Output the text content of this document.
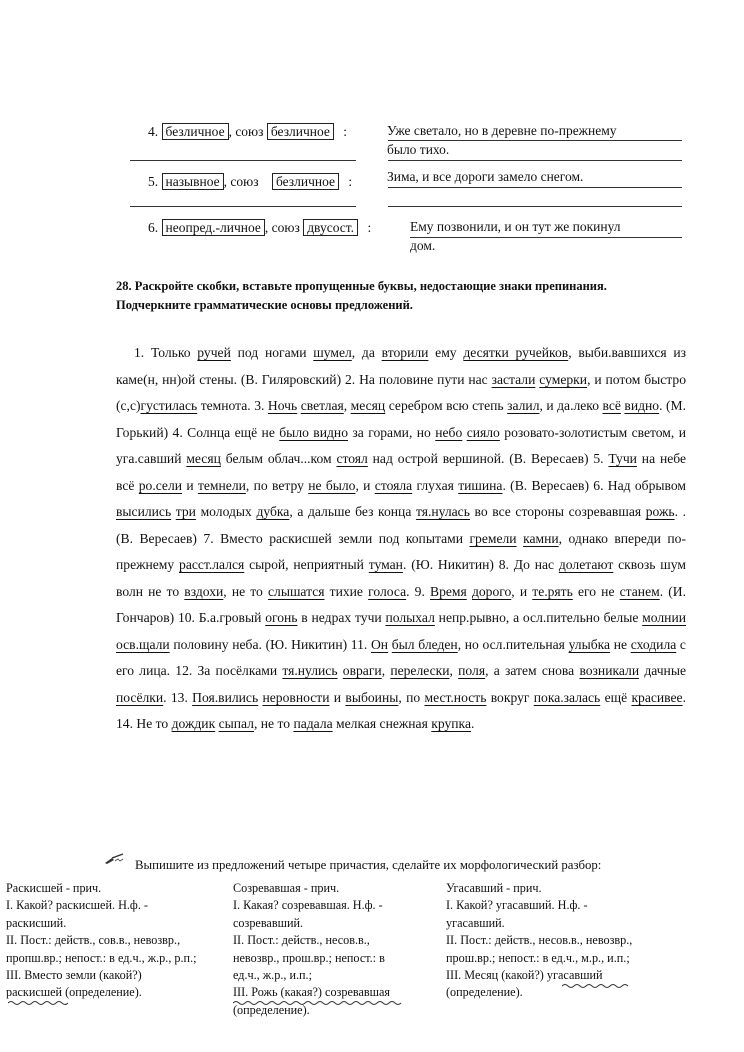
4. безличное , союз безличное :	Уже светало, но в деревне по-прежнему
было тихо.
5. назывное , союз безличное :	Зима, и все дороги замело снегом.
6. неопред.-личное , союз двусост. :	Ему позвонили, и он тут же покинул
дом.
28. Раскройте скобки, вставьте пропущенные буквы, недостающие знаки препинания.
Подчеркните грамматические основы предложений.
1. Только ручей под ногами шумел, да вторили ему десятки ручейков, выби.вавшихся из каме(н, нн)ой стены. (В. Гиляровский) 2. На половине пути нас застали сумерки, и потом быстро (с,с)густилась темнота. 3. Ночь светлая, месяц серебром всю степь залил, и да.леко всё видно. (М. Горький) 4. Солнца ещё не было видно за горами, но небо сияло розовато-золотистым светом, и уга.савший месяц белым облач...ком стоял над острой вершиной. (В. Вересаев) 5. Тучи на небе всё ро.сели и темнели, по ветру не было, и стояла глухая тишина. (В. Вересаев) 6. Над обрывом высились три молодых дубка, а дальше без конца тя.нулась во все стороны созревавшая рожь. . (В. Вересаев) 7. Вместо раскисшей земли под копытами гремели камни, однако впереди по-прежнему расст.лался сырой, неприятный туман. (Ю. Никитин) 8. До нас долетают сквозь шум волн не то вздохи, не то слышатся тихие голоса. 9. Время дорого, и те.рять его не станем. (И. Гончаров) 10. Б.а.гровый огонь в недрах тучи полыхал непр.рывно, а осл.пительно белые молнии осв.щали половину неба. (Ю. Никитин) 11. Он был бледен, но осл.пительная улыбка не сходила с его лица. 12. За посёлками тя.нулись овраги, перелески, поля, а затем снова возникали дачные посёлки. 13. Поя.вились неровности и выбоины, по мест.ность вокруг пока.залась ещё красивее. 14. Не то дождик сыпал, не то падала мелкая снежная крупка.
Выпишите из предложений четыре причастия, сделайте их морфологический разбор:
Раскисшей - прич.
I. Какой? раскисшей. Н.ф. -
раскисший.
II. Пост.: действ., сов.в., невозвр.,
пропш.вр.; непост.: в ед.ч., ж.р., р.п.;
III. Вместо земли (какой?)
раскисшей (определение).
Созревавшая - прич.
I. Какая? созревавшая. Н.ф. -
созревавший.
II. Пост.: действ., несов.в.,
невозвр., прош.вр.; непост.: в
ед.ч., ж.р., и.п.;
III. Рожь (какая?) созревавшая
(определение).
Угасавший - прич.
I. Какой? угасавший. Н.ф. -
угасавший.
II. Пост.: действ., несов.в., невозвр.,
прош.вр.; непост.: в ед.ч., м.р., и.п.;
III. Месяц (какой?) угасавший
(определение).
